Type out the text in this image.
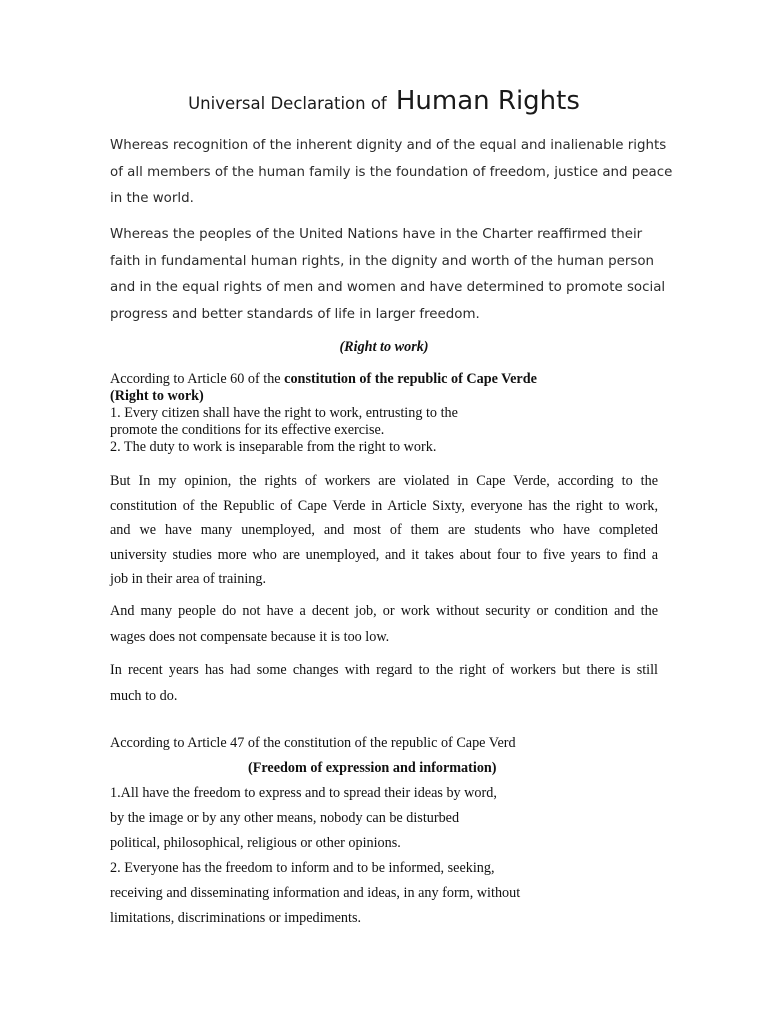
Universal Declaration of Human Rights
Whereas recognition of the inherent dignity and of the equal and inalienable rights
of all members of the human family is the foundation of freedom, justice and peace
in the world.
Whereas the peoples of the United Nations have in the Charter reaffirmed their
faith in fundamental human rights, in the dignity and worth of the human person
and in the equal rights of men and women and have determined to promote social
progress and better standards of life in larger freedom.
(Right to work)
According to Article 60 of the constitution of the republic of Cape Verde
(Right to work)
1. Every citizen shall have the right to work, entrusting to the
promote the conditions for its effective exercise.
2. The duty to work is inseparable from the right to work.
But In my opinion, the rights of workers are violated in Cape Verde, according to the
constitution of the Republic of Cape Verde in Article Sixty, everyone has the right to work,
and we have many unemployed, and most of them are students who have completed
university studies more who are unemployed, and it takes about four to five years to find a
job in their area of training.
And many people do not have a decent job, or work without security or condition and the
wages does not compensate because it is too low.
In recent years has had some changes with regard to the right of workers but there is still
much to do.
According to Article 47 of the constitution of the republic of Cape Verd
(Freedom of expression and information)
1.All have the freedom to express and to spread their ideas by word,
by the image or by any other means, nobody can be disturbed
political, philosophical, religious or other opinions.
2. Everyone has the freedom to inform and to be informed, seeking,
receiving and disseminating information and ideas, in any form, without
limitations, discriminations or impediments.
